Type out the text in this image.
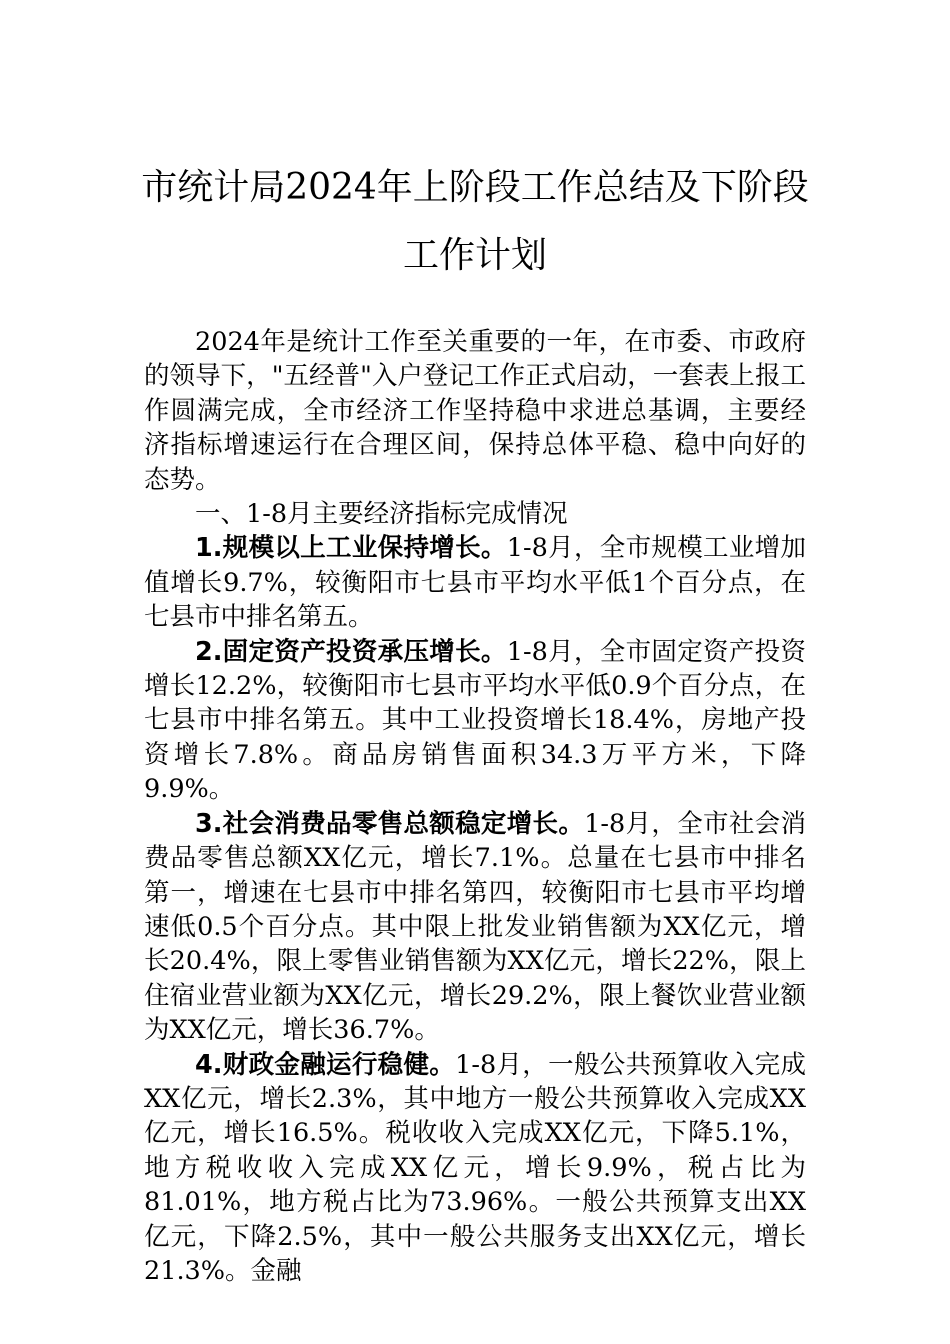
市统计局2024年上阶段工作总结及下阶段
工作计划

2024年是统计工作至关重要的一年，在市委、市政府的领导下，"五经普"入户登记工作正式启动，一套表上报工作圆满完成，全市经济工作坚持稳中求进总基调，主要经济指标增速运行在合理区间，保持总体平稳、稳中向好的态势。

一、1-8月主要经济指标完成情况

1.规模以上工业保持增长。1-8月，全市规模工业增加值增长9.7%，较衡阳市七县市平均水平低1个百分点，在七县市中排名第五。

2.固定资产投资承压增长。1-8月，全市固定资产投资增长12.2%，较衡阳市七县市平均水平低0.9个百分点，在七县市中排名第五。其中工业投资增长18.4%，房地产投资增长7.8%。商品房销售面积34.3万平方米，下降9.9%。

3.社会消费品零售总额稳定增长。1-8月，全市社会消费品零售总额XX亿元，增长7.1%。总量在七县市中排名第一，增速在七县市中排名第四，较衡阳市七县市平均增速低0.5个百分点。其中限上批发业销售额为XX亿元，增长20.4%，限上零售业销售额为XX亿元，增长22%，限上住宿业营业额为XX亿元，增长29.2%，限上餐饮业营业额为XX亿元，增长36.7%。

4.财政金融运行稳健。1-8月，一般公共预算收入完成XX亿元，增长2.3%，其中地方一般公共预算收入完成XX亿元，增长16.5%。税收收入完成XX亿元，下降5.1%，地方税收收入完成XX亿元，增长9.9%，税占比为81.01%，地方税占比为73.96%。一般公共预算支出XX亿元，下降2.5%，其中一般公共服务支出XX亿元，增长21.3%。金融
